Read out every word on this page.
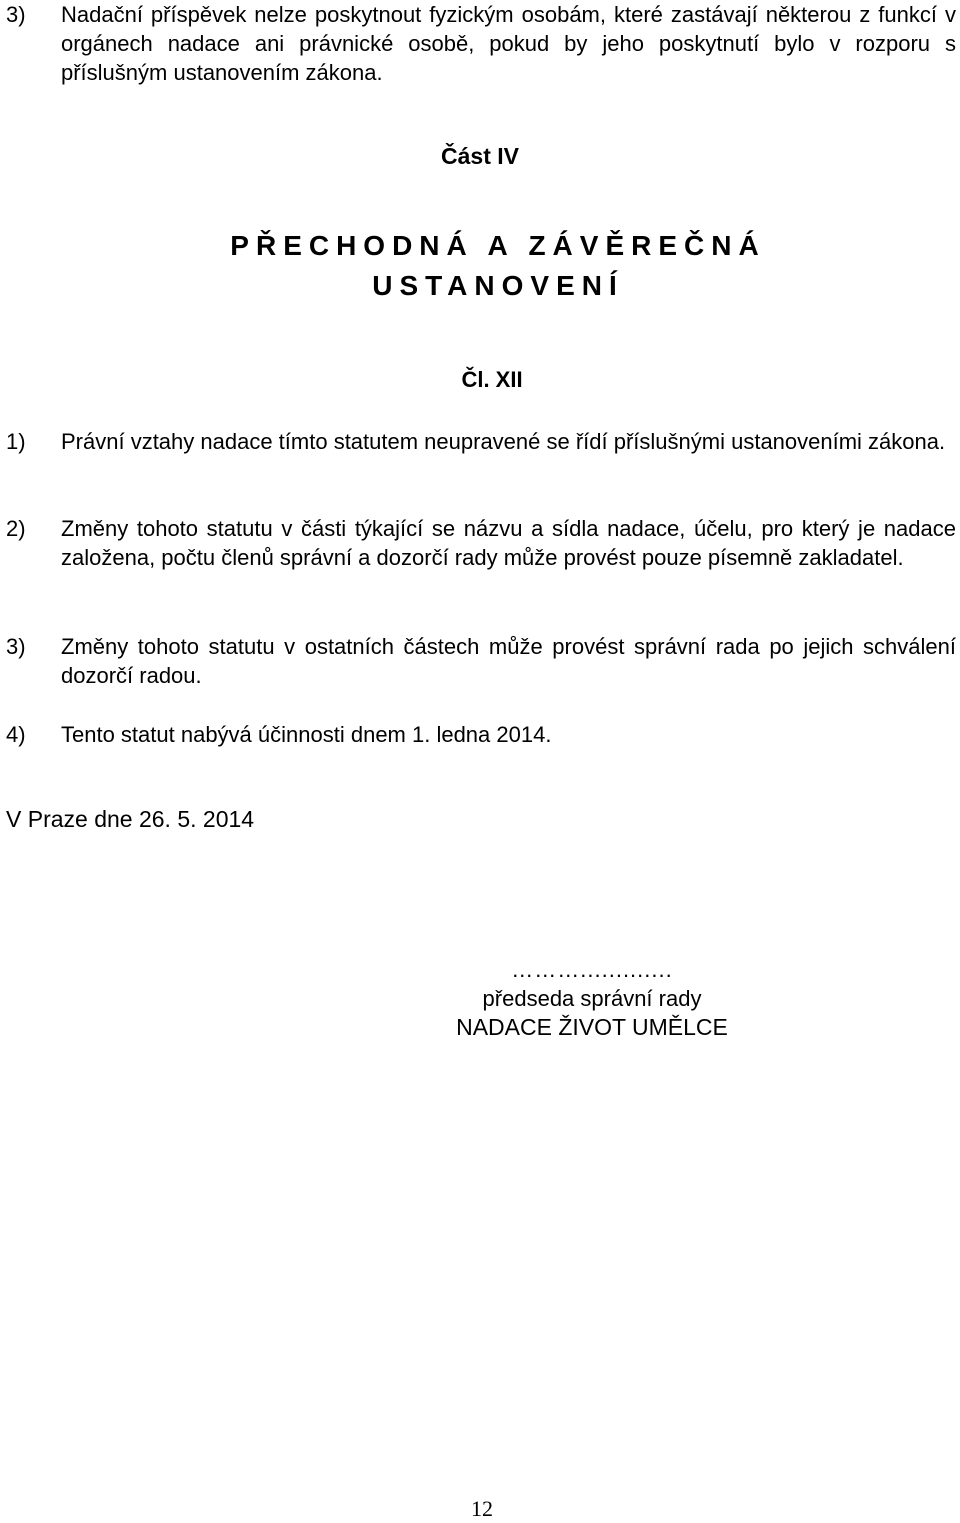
3) Nadační příspěvek nelze poskytnout fyzickým osobám, které zastávají některou z funkcí v orgánech nadace ani právnické osobě, pokud by jeho poskytnutí bylo v rozporu s příslušným ustanovením zákona.
Část IV
PŘECHODNÁ A ZÁVĚREČNÁ
USTANOVENÍ
Čl. XII
1) Právní vztahy nadace tímto statutem neupravené se řídí příslušnými ustanoveními zákona.
2) Změny tohoto statutu v části týkající se názvu a sídla nadace, účelu, pro který je nadace založena, počtu členů správní a dozorčí rady může provést pouze písemně zakladatel.
3) Změny tohoto statutu v ostatních částech může provést správní rada po jejich schválení dozorčí radou.
4) Tento statut nabývá účinnosti dnem 1. ledna 2014.
V Praze dne 26. 5. 2014
……….............
předseda správní rady
NADACE ŽIVOT UMĚLCE
12
